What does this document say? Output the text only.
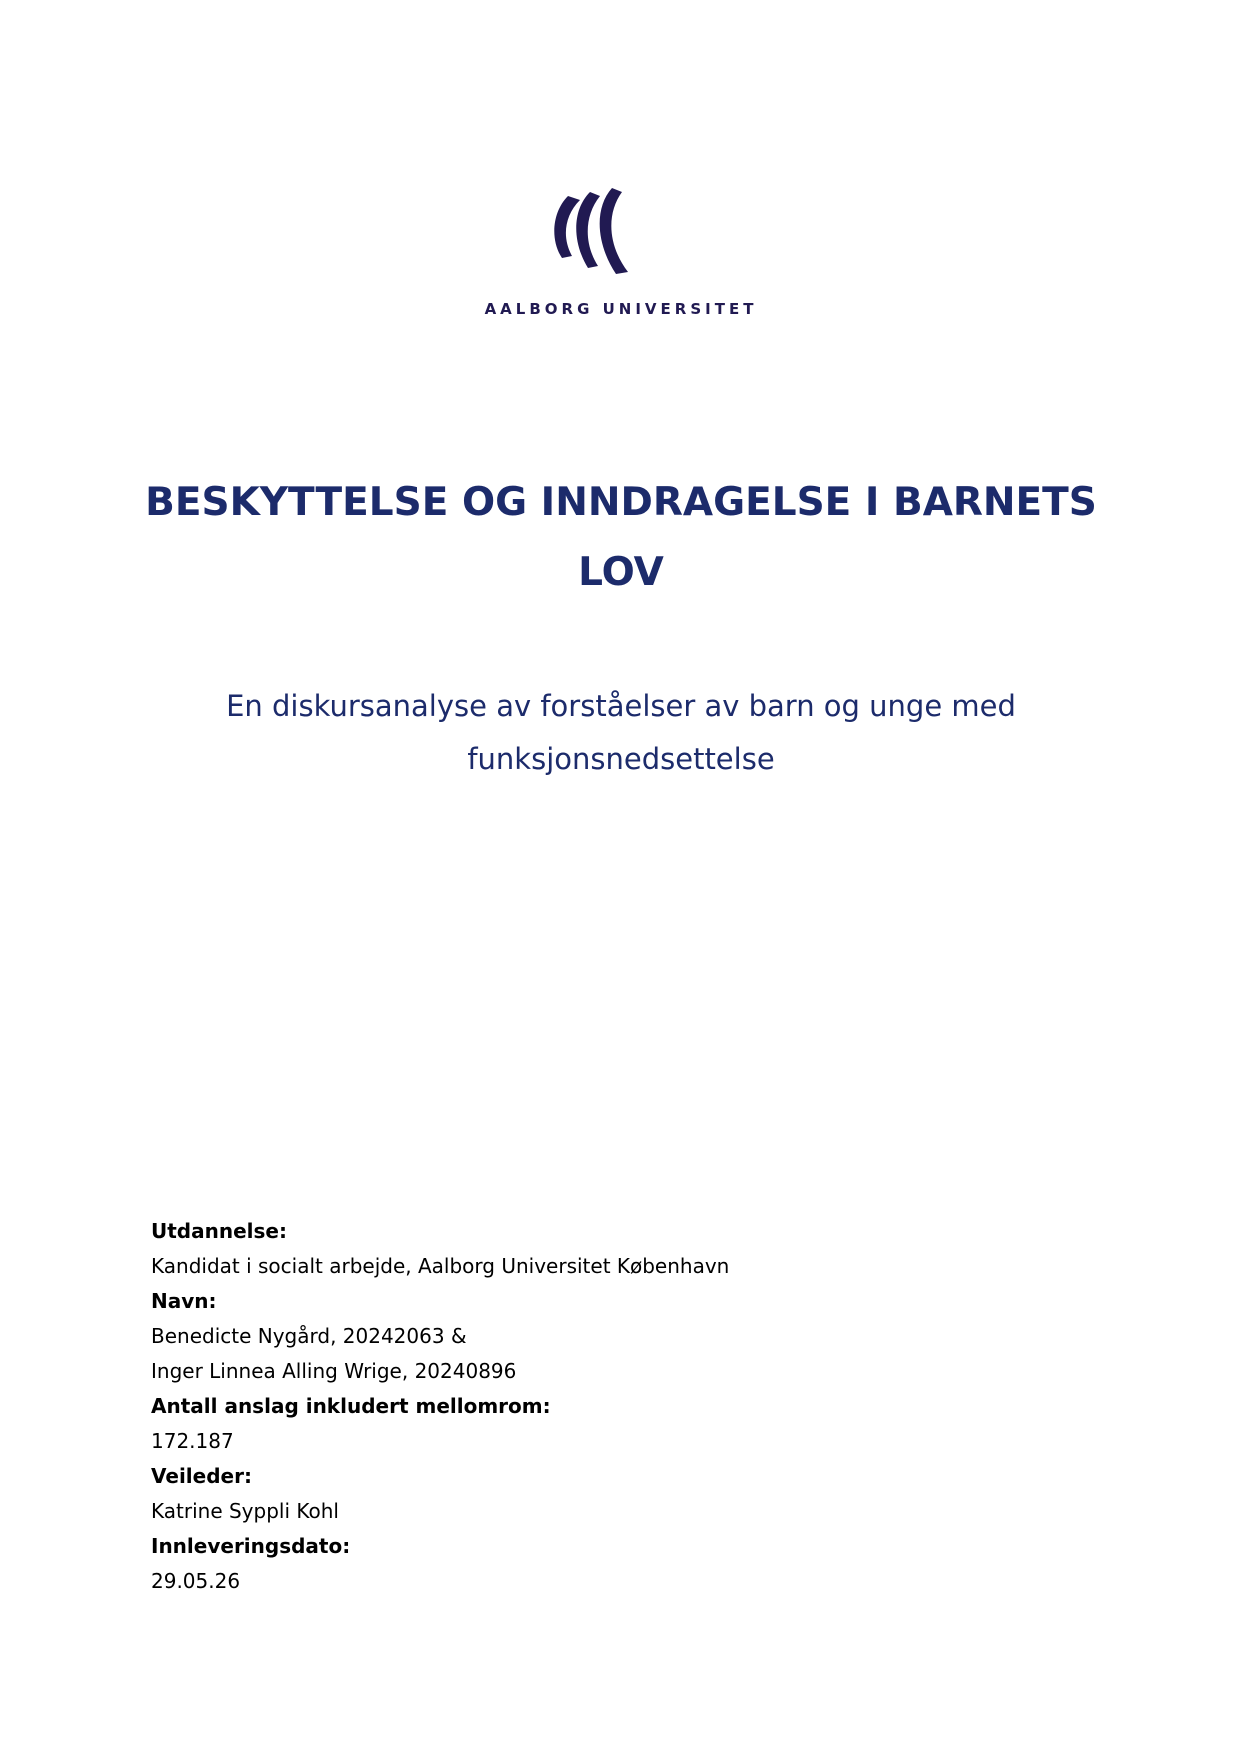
AALBORG UNIVERSITET
BESKYTTELSE OG INNDRAGELSE I BARNETS
LOV

En diskursanalyse av forståelser av barn og unge med
funksjonsnedsettelse

Utdannelse:
Kandidat i socialt arbejde, Aalborg Universitet København
Navn:
Benedicte Nygård, 20242063 &
Inger Linnea Alling Wrige, 20240896
Antall anslag inkludert mellomrom:
172.187
Veileder:
Katrine Syppli Kohl
Innleveringsdato:
29.05.26
